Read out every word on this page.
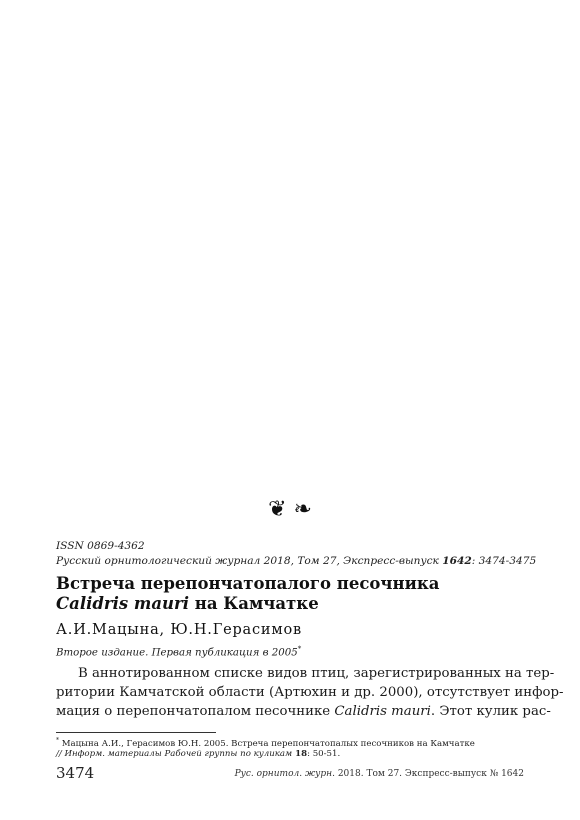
❦ ❧
ISSN 0869-4362
Русский орнитологический журнал 2018, Том 27, Экспресс-выпуск 1642: 3474-3475
Встреча перепончатопалого песочника
Calidris mauri на Камчатке
А.И.Мацына, Ю.Н.Герасимов
Второе издание. Первая публикация в 2005*
В аннотированном списке видов птиц, зарегистрированных на тер-
ритории Камчатской области (Артюхин и др. 2000), отсутствует инфор-
мация о перепончатопалом песочнике Calidris mauri. Этот кулик рас-
* Мацына А.И., Герасимов Ю.Н. 2005. Встреча перепончатопалых песочников на Камчатке
// Информ. материалы Рабочей группы по куликам 18: 50-51.
3474	Рус. орнитол. журн. 2018. Том 27. Экспресс-выпуск № 1642
